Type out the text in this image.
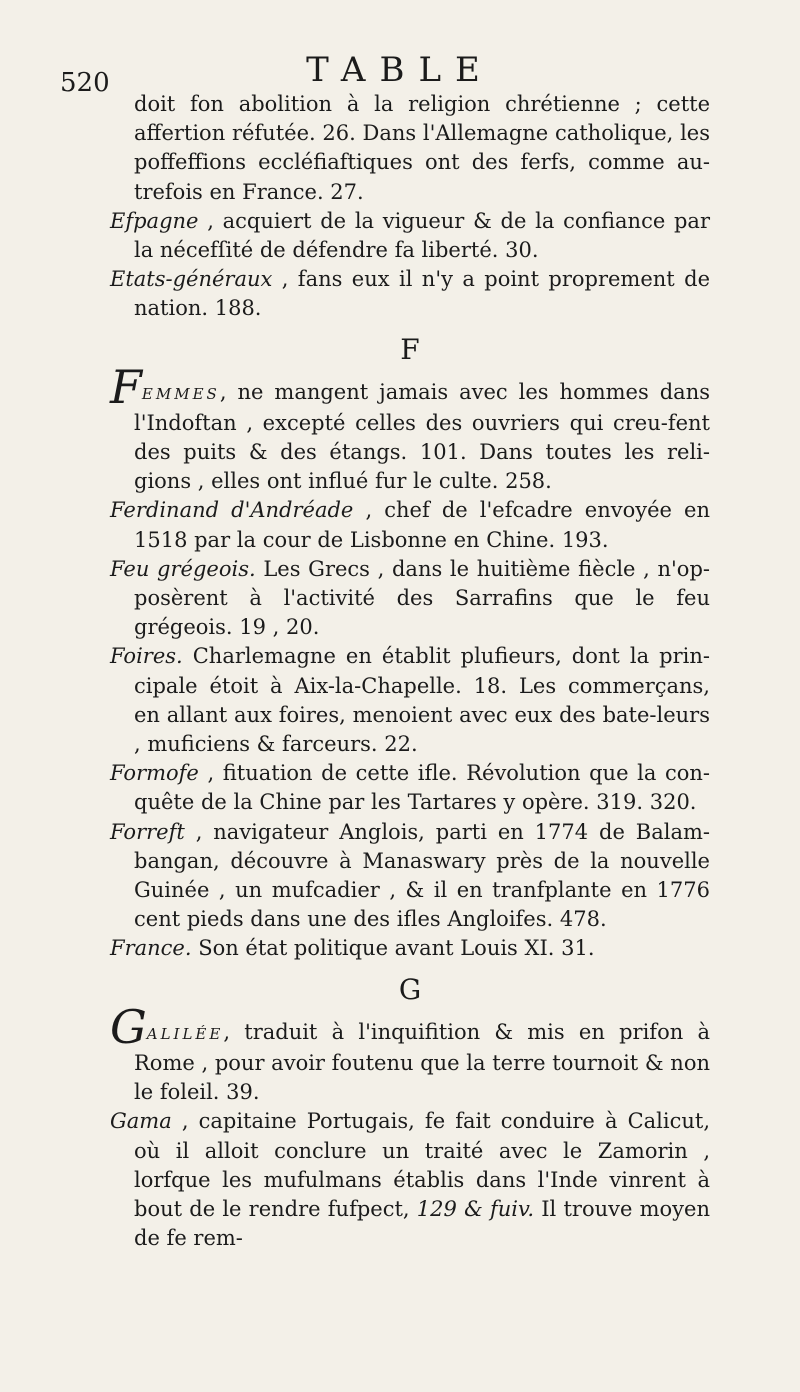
520	TABLE

doit fon abolition à la religion chrétienne ; cette affertion réfutée. 26. Dans l'Allemagne catholique, les poffeffions eccléfiaftiques ont des ferfs, comme au-trefois en France. 27.

Efpagne , acquiert de la vigueur & de la confiance par la nécefſité de défendre fa liberté. 30.

Etats-généraux , fans eux il n'y a point proprement de nation. 188.

F

FEMMES, ne mangent jamais avec les hommes dans l'Indoftan , excepté celles des ouvriers qui creu-fent des puits & des étangs. 101. Dans toutes les reli-gions , elles ont influé fur le culte. 258.

Ferdinand d'Andréade , chef de l'efcadre envoyée en 1518 par la cour de Lisbonne en Chine. 193.

Feu grégeois. Les Grecs , dans le huitième fiècle , n'op-posèrent à l'activité des Sarrafins que le feu grégeois. 19 , 20.

Foires. Charlemagne en établit plufieurs, dont la prin-cipale étoit à Aix-la-Chapelle. 18. Les commerçans, en allant aux foires, menoient avec eux des bate-leurs , muficiens & farceurs. 22.

Formofe , fituation de cette ifle. Révolution que la con-quête de la Chine par les Tartares y opère. 319. 320.

Forreft , navigateur Anglois, parti en 1774 de Balam-bangan, découvre à Manaswary près de la nouvelle Guinée , un mufcadier , & il en tranfplante en 1776 cent pieds dans une des ifles Angloifes. 478.

France. Son état politique avant Louis XI. 31.

G

GALILÉE, traduit à l'inquifition & mis en prifon à Rome , pour avoir foutenu que la terre tournoit & non le foleil. 39.

Gama , capitaine Portugais, fe fait conduire à Calicut, où il alloit conclure un traité avec le Zamorin , lorfque les mufulmans établis dans l'Inde vinrent à bout de le rendre fufpect, 129 & fuiv. Il trouve moyen de fe rem-
